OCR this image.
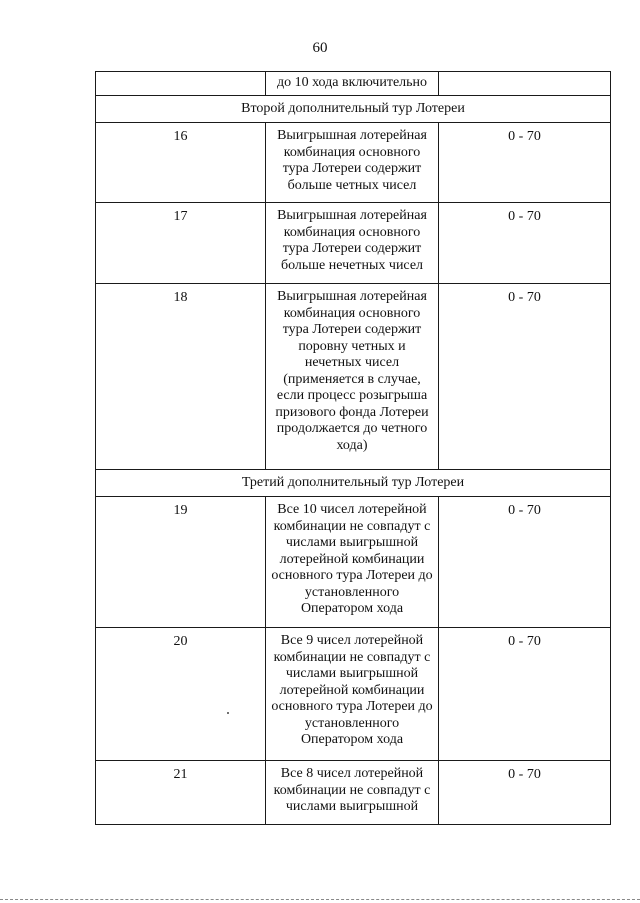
60
	до 10 хода включительно	
Второй дополнительный тур Лотереи		
16	Выигрышная лотерейная комбинация основного тура Лотереи содержит больше четных чисел	0 - 70
17	Выигрышная лотерейная комбинация основного тура Лотереи содержит больше нечетных чисел	0 - 70
18	Выигрышная лотерейная комбинация основного тура Лотереи содержит поровну четных и нечетных чисел (применяется в случае, если процесс розыгрыша призового фонда Лотереи продолжается до четного хода)	0 - 70
Третий дополнительный тур Лотереи		
19	Все 10 чисел лотерейной комбинации не совпадут с числами выигрышной лотерейной комбинации основного тура Лотереи до установленного Оператором хода	0 - 70
20	Все 9 чисел лотерейной комбинации не совпадут с числами выигрышной лотерейной комбинации основного тура Лотереи до установленного Оператором хода	0 - 70
21	Все 8 чисел лотерейной комбинации не совпадут с числами выигрышной	0 - 70
